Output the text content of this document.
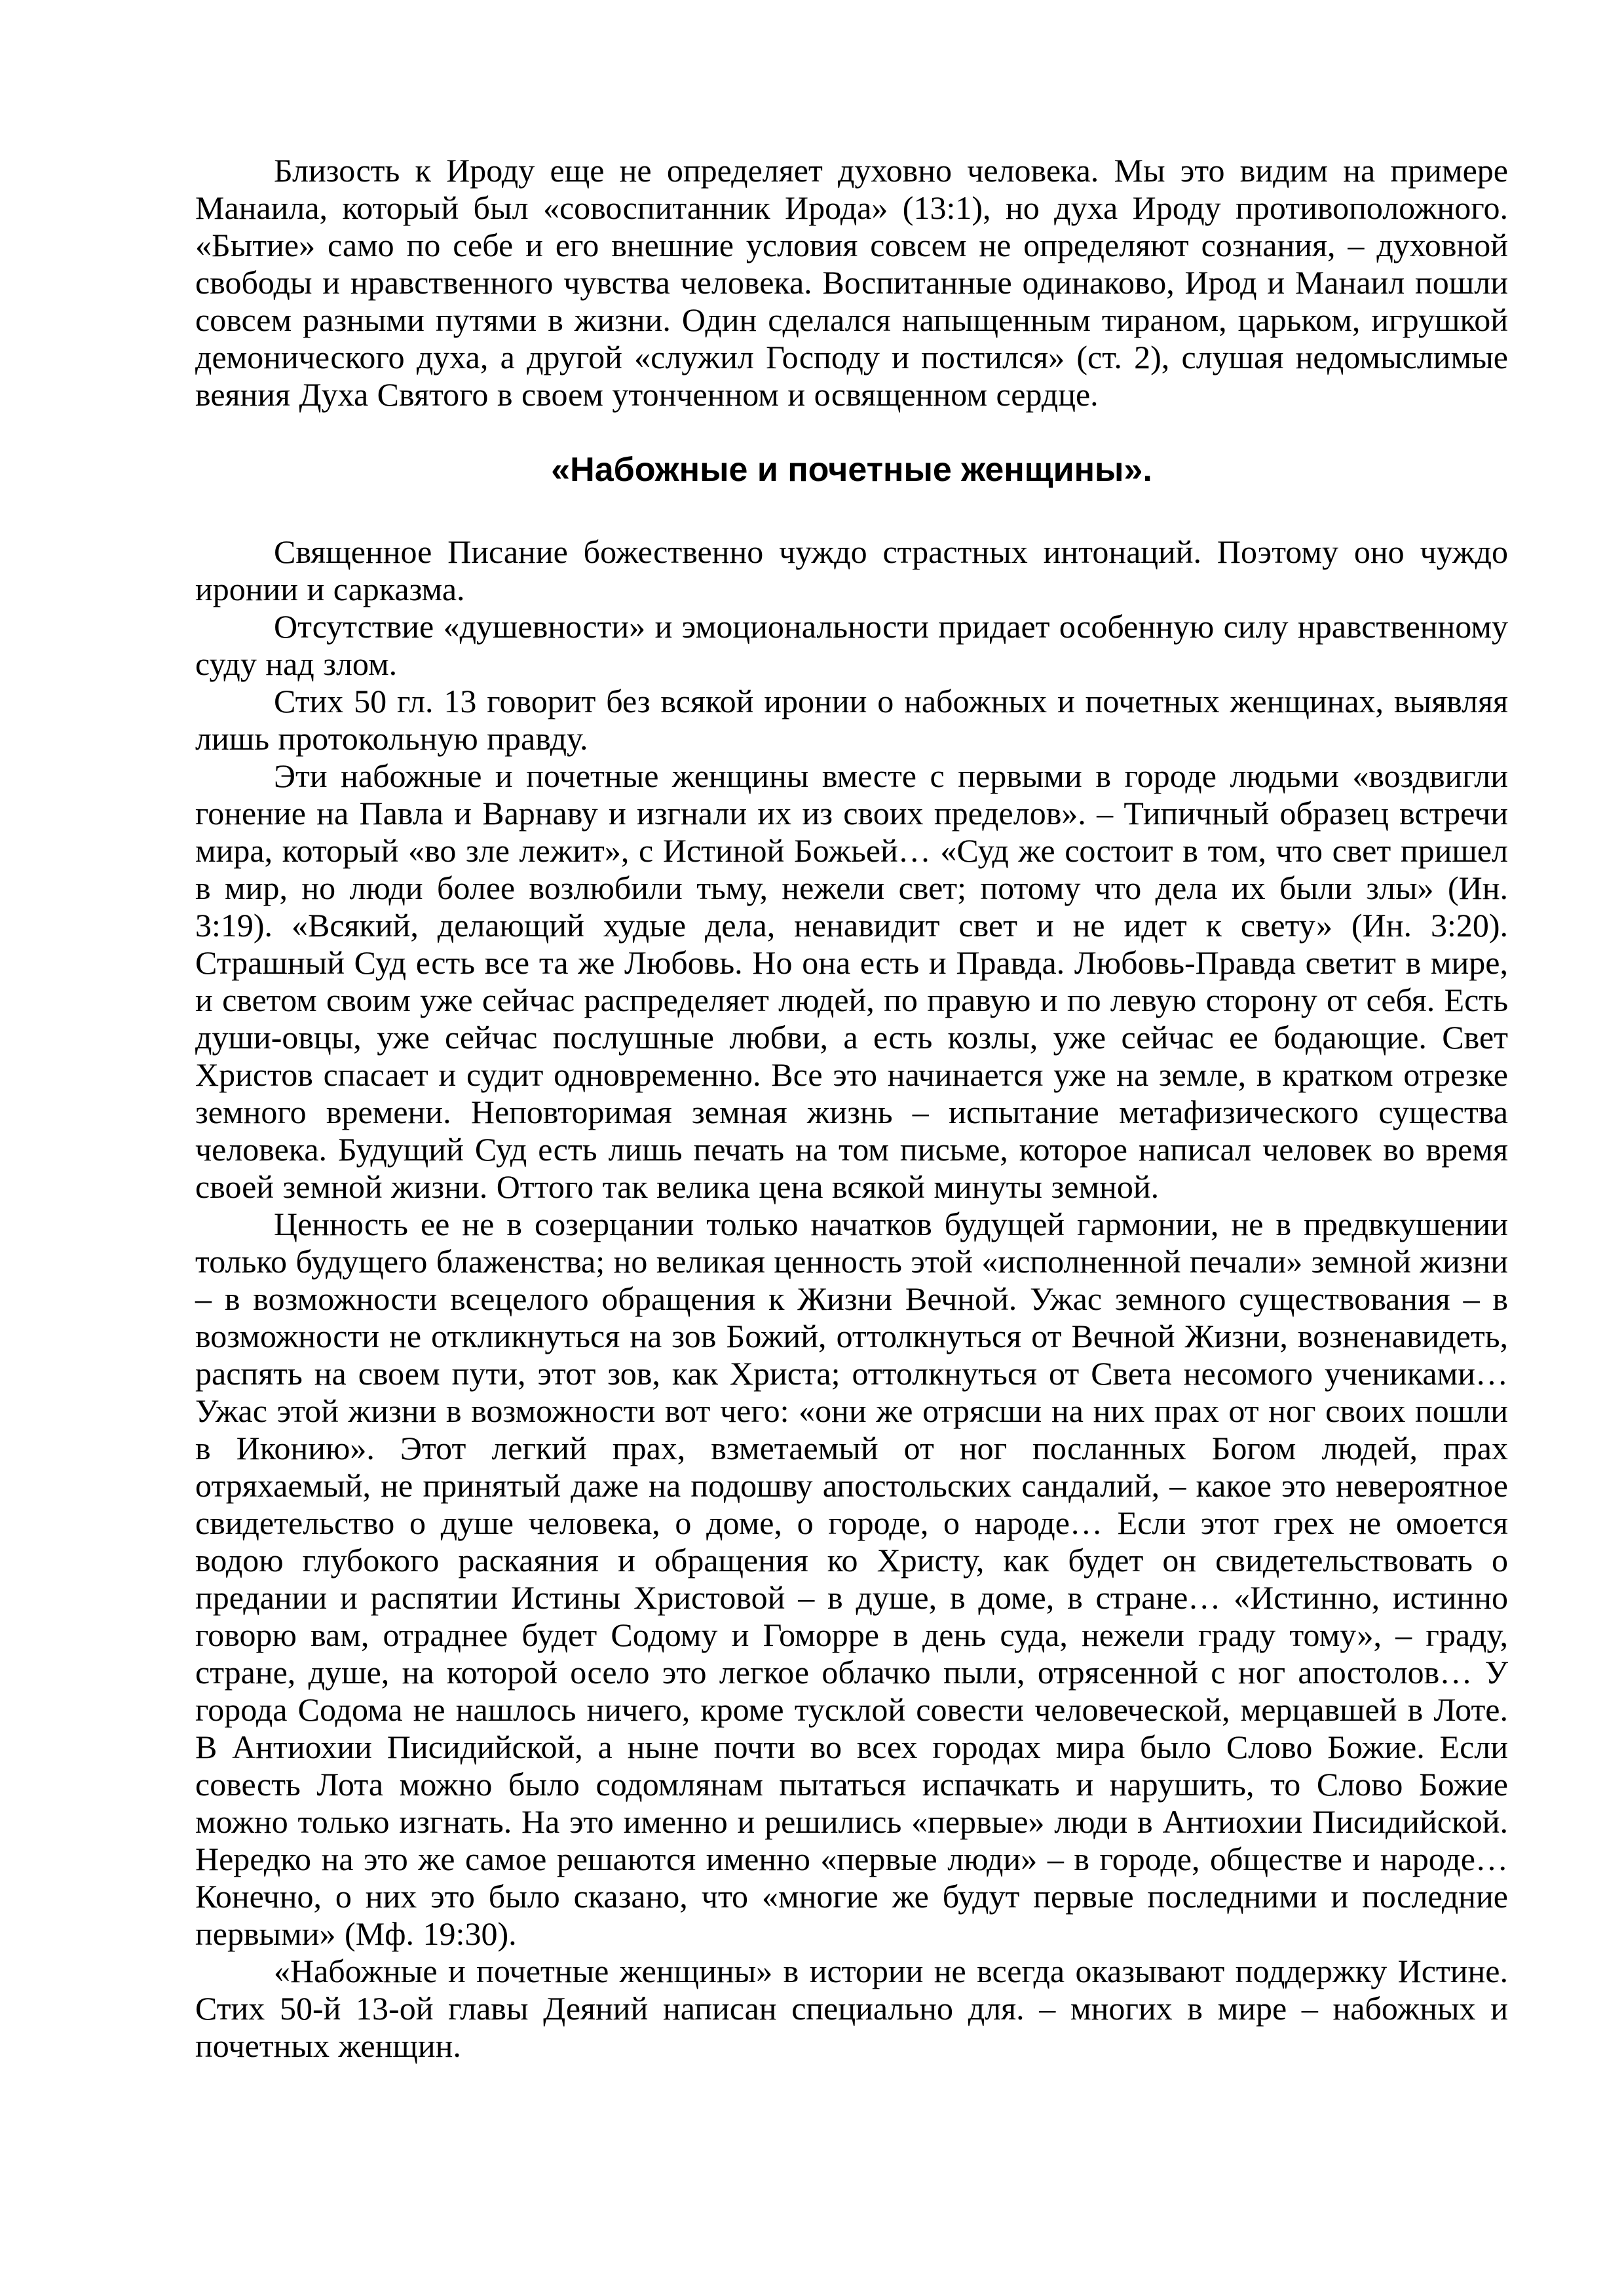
Близость к Ироду еще не определяет духовно человека. Мы это видим на примере Манаила, который был «совоспитанник Ирода» (13:1), но духа Ироду противоположного. «Бытие» само по себе и его внешние условия совсем не определяют сознания, – духовной свободы и нравственного чувства человека. Воспитанные одинаково, Ирод и Манаил пошли совсем разными путями в жизни. Один сделался напыщенным тираном, царьком, игрушкой демонического духа, а другой «служил Господу и постился» (ст. 2), слушая недомыслимые веяния Духа Святого в своем утонченном и освященном сердце.

«Набожные и почетные женщины».

Священное Писание божественно чуждо страстных интонаций. Поэтому оно чуждо иронии и сарказма.

Отсутствие «душевности» и эмоциональности придает особенную силу нравственному суду над злом.

Стих 50 гл. 13 говорит без всякой иронии о набожных и почетных женщинах, выявляя лишь протокольную правду.

Эти набожные и почетные женщины вместе с первыми в городе людьми «воздвигли гонение на Павла и Варнаву и изгнали их из своих пределов». – Типичный образец встречи мира, который «во зле лежит», с Истиной Божьей… «Суд же состоит в том, что свет пришел в мир, но люди более возлюбили тьму, нежели свет; потому что дела их были злы» (Ин. 3:19). «Всякий, делающий худые дела, ненавидит свет и не идет к свету» (Ин. 3:20). Страшный Суд есть все та же Любовь. Но она есть и Правда. Любовь-Правда светит в мире, и светом своим уже сейчас распределяет людей, по правую и по левую сторону от себя. Есть души-овцы, уже сейчас послушные любви, а есть козлы, уже сейчас ее бодающие. Свет Христов спасает и судит одновременно. Все это начинается уже на земле, в кратком отрезке земного времени. Неповторимая земная жизнь – испытание метафизического существа человека. Будущий Суд есть лишь печать на том письме, которое написал человек во время своей земной жизни. Оттого так велика цена всякой минуты земной.

Ценность ее не в созерцании только начатков будущей гармонии, не в предвкушении только будущего блаженства; но великая ценность этой «исполненной печали» земной жизни – в возможности всецелого обращения к Жизни Вечной. Ужас земного существования – в возможности не откликнуться на зов Божий, оттолкнуться от Вечной Жизни, возненавидеть, распять на своем пути, этот зов, как Христа; оттолкнуться от Света несомого учениками… Ужас этой жизни в возможности вот чего: «они же отрясши на них прах от ног своих пошли в Иконию». Этот легкий прах, взметаемый от ног посланных Богом людей, прах отряхаемый, не принятый даже на подошву апостольских сандалий, – какое это невероятное свидетельство о душе человека, о доме, о городе, о народе… Если этот грех не омоется водою глубокого раскаяния и обращения ко Христу, как будет он свидетельствовать о предании и распятии Истины Христовой – в душе, в доме, в стране… «Истинно, истинно говорю вам, отраднее будет Содому и Гоморре в день суда, нежели граду тому», – граду, стране, душе, на которой осело это легкое облачко пыли, отрясенной с ног апостолов… У города Содома не нашлось ничего, кроме тусклой совести человеческой, мерцавшей в Лоте. В Антиохии Писидийской, а ныне почти во всех городах мира было Слово Божие. Если совесть Лота можно было содомлянам пытаться испачкать и нарушить, то Слово Божие можно только изгнать. На это именно и решились «первые» люди в Антиохии Писидийской. Нередко на это же самое решаются именно «первые люди» – в городе, обществе и народе… Конечно, о них это было сказано, что «многие же будут первые последними и последние первыми» (Мф. 19:30).

«Набожные и почетные женщины» в истории не всегда оказывают поддержку Истине. Стих 50-й 13-ой главы Деяний написан специально для. – многих в мире – набожных и почетных женщин.
